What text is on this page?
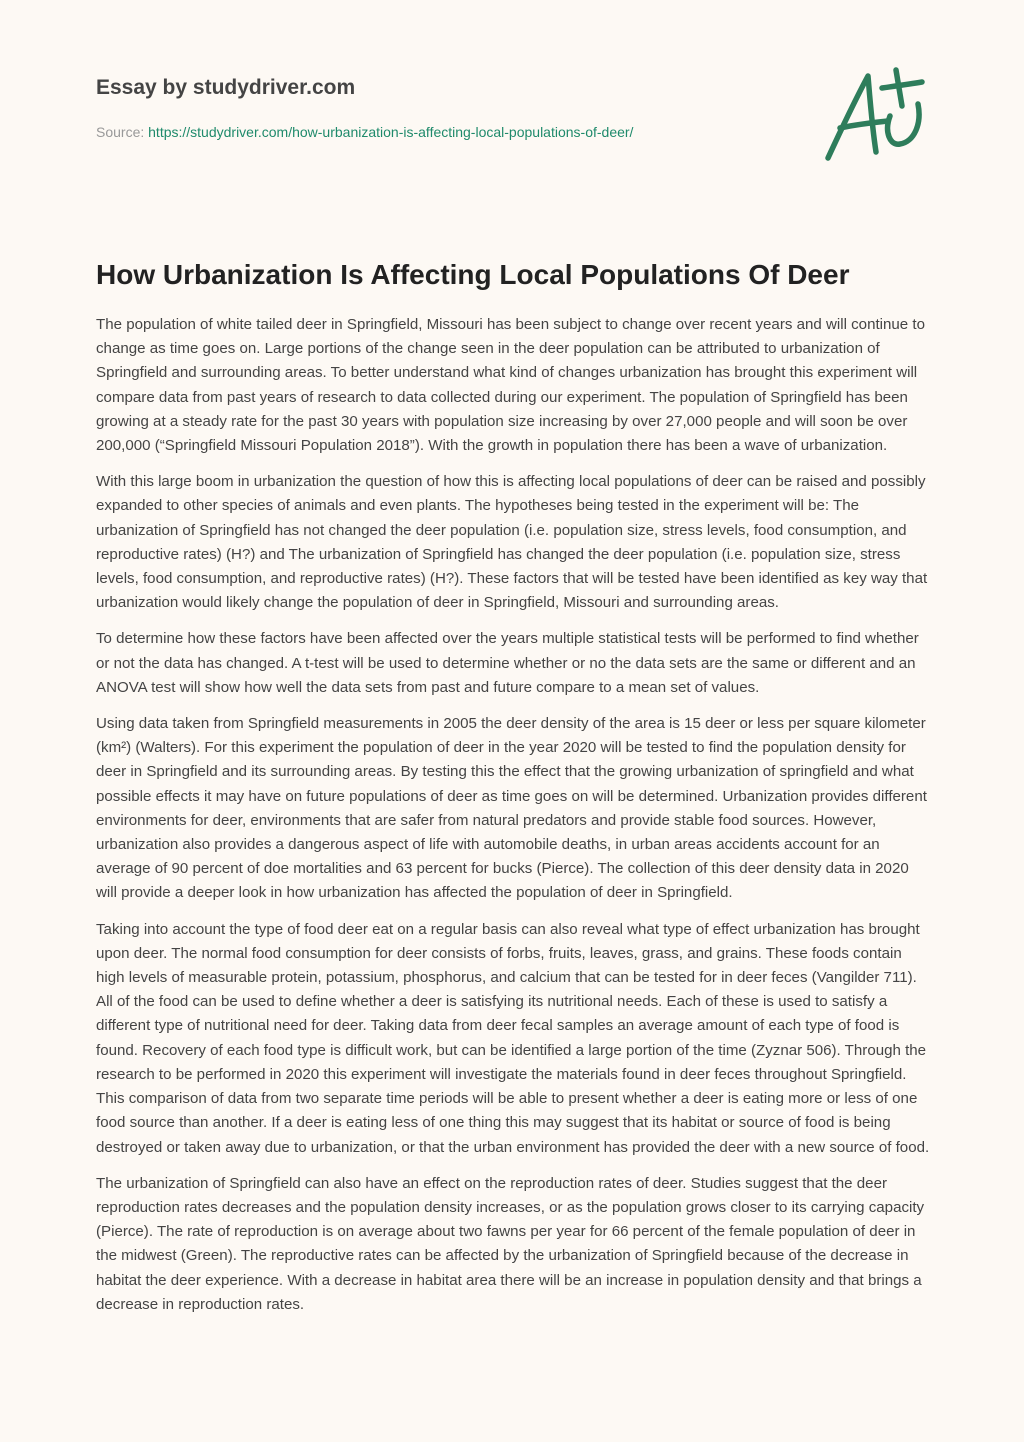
Essay by studydriver.com
Source: https://studydriver.com/how-urbanization-is-affecting-local-populations-of-deer/
How Urbanization Is Affecting Local Populations Of Deer

The population of white tailed deer in Springfield, Missouri has been subject to change over recent years and will continue to change as time goes on. Large portions of the change seen in the deer population can be attributed to urbanization of Springfield and surrounding areas. To better understand what kind of changes urbanization has brought this experiment will compare data from past years of research to data collected during our experiment. The population of Springfield has been growing at a steady rate for the past 30 years with population size increasing by over 27,000 people and will soon be over 200,000 (“Springfield Missouri Population 2018”). With the growth in population there has been a wave of urbanization.

With this large boom in urbanization the question of how this is affecting local populations of deer can be raised and possibly expanded to other species of animals and even plants. The hypotheses being tested in the experiment will be: The urbanization of Springfield has not changed the deer population (i.e. population size, stress levels, food consumption, and reproductive rates) (H?) and The urbanization of Springfield has changed the deer population (i.e. population size, stress levels, food consumption, and reproductive rates) (H?). These factors that will be tested have been identified as key way that urbanization would likely change the population of deer in Springfield, Missouri and surrounding areas.

To determine how these factors have been affected over the years multiple statistical tests will be performed to find whether or not the data has changed. A t-test will be used to determine whether or no the data sets are the same or different and an ANOVA test will show how well the data sets from past and future compare to a mean set of values.

Using data taken from Springfield measurements in 2005 the deer density of the area is 15 deer or less per square kilometer (km²) (Walters). For this experiment the population of deer in the year 2020 will be tested to find the population density for deer in Springfield and its surrounding areas. By testing this the effect that the growing urbanization of springfield and what possible effects it may have on future populations of deer as time goes on will be determined. Urbanization provides different environments for deer, environments that are safer from natural predators and provide stable food sources. However, urbanization also provides a dangerous aspect of life with automobile deaths, in urban areas accidents account for an average of 90 percent of doe mortalities and 63 percent for bucks (Pierce). The collection of this deer density data in 2020 will provide a deeper look in how urbanization has affected the population of deer in Springfield.

Taking into account the type of food deer eat on a regular basis can also reveal what type of effect urbanization has brought upon deer. The normal food consumption for deer consists of forbs, fruits, leaves, grass, and grains. These foods contain high levels of measurable protein, potassium, phosphorus, and calcium that can be tested for in deer feces (Vangilder 711). All of the food can be used to define whether a deer is satisfying its nutritional needs. Each of these is used to satisfy a different type of nutritional need for deer. Taking data from deer fecal samples an average amount of each type of food is found. Recovery of each food type is difficult work, but can be identified a large portion of the time (Zyznar 506). Through the research to be performed in 2020 this experiment will investigate the materials found in deer feces throughout Springfield. This comparison of data from two separate time periods will be able to present whether a deer is eating more or less of one food source than another. If a deer is eating less of one thing this may suggest that its habitat or source of food is being destroyed or taken away due to urbanization, or that the urban environment has provided the deer with a new source of food.

The urbanization of Springfield can also have an effect on the reproduction rates of deer. Studies suggest that the deer reproduction rates decreases and the population density increases, or as the population grows closer to its carrying capacity (Pierce). The rate of reproduction is on average about two fawns per year for 66 percent of the female population of deer in the midwest (Green). The reproductive rates can be affected by the urbanization of Springfield because of the decrease in habitat the deer experience. With a decrease in habitat area there will be an increase in population density and that brings a decrease in reproduction rates.
